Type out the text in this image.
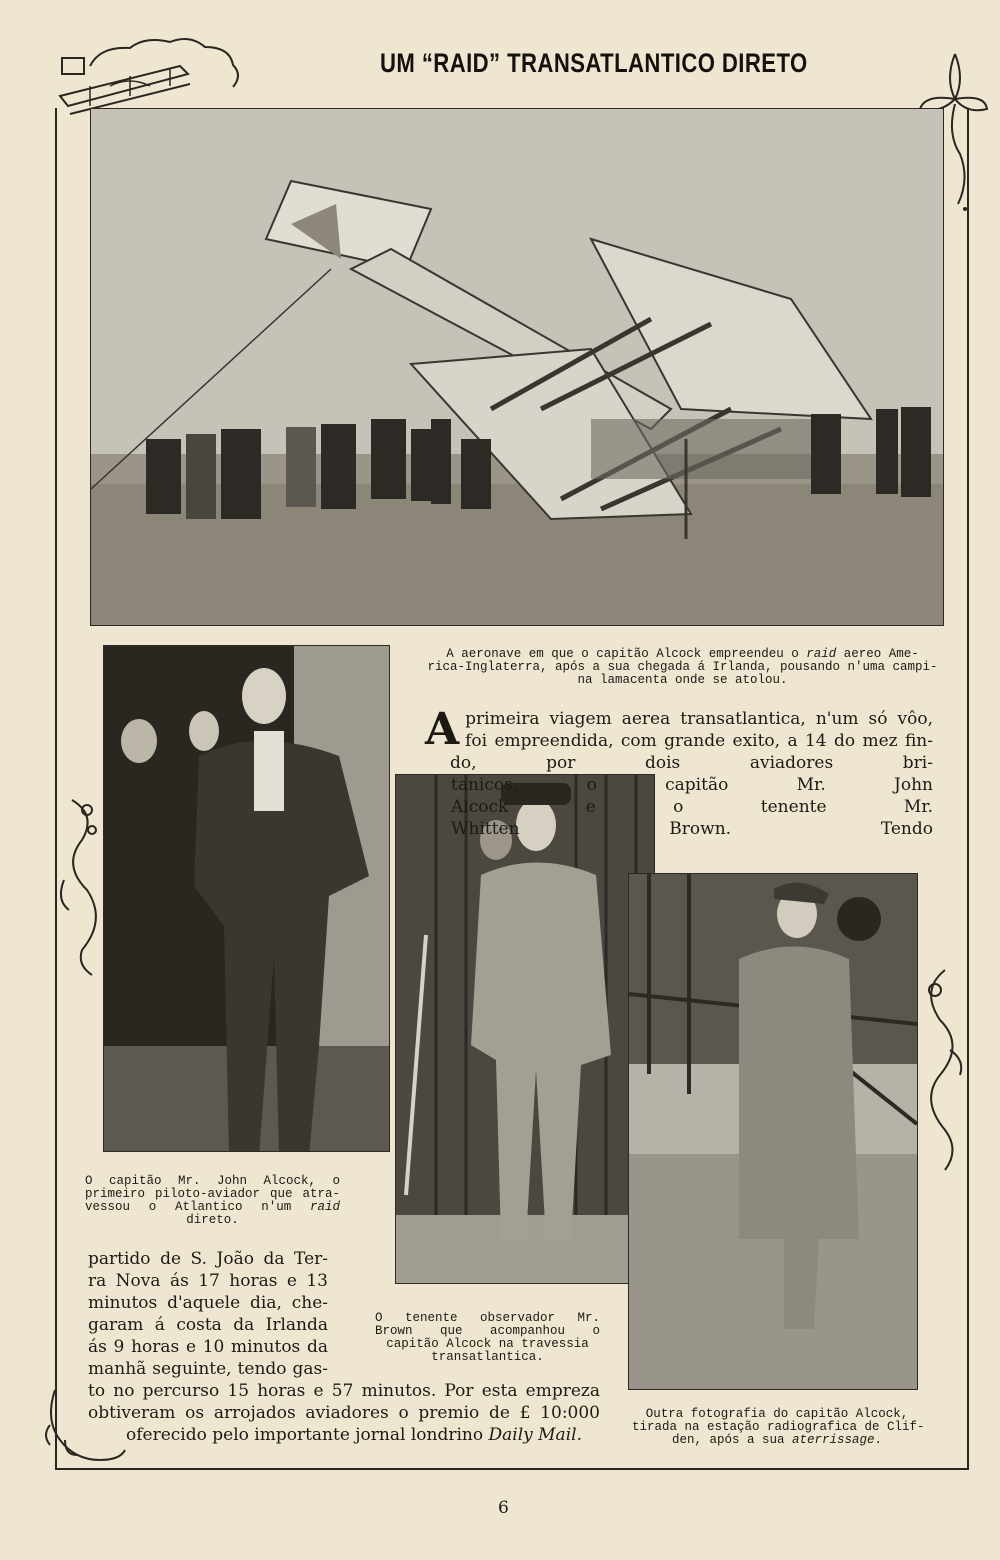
UM “RAID” TRANSATLANTICO DIRETO
A aeronave em que o capitão Alcock empreendeu o raid aereo Ame-
rica-Inglaterra, após a sua chegada á Irlanda, pousando n'uma campi-
na lamacenta onde se atolou.
O capitão Mr. John Alcock, o
primeiro piloto-aviador que atra-
vessou o Atlantico n'um raid
direto.
O tenente observador Mr.
Brown que acompanhou o
capitão Alcock na travessia
transatlantica.
Outra fotografia do capitão Alcock,
tirada na estação radiografica de Clif-
den, após a sua aterrissage.
A primeira viagem aerea transatlantica, n'um só vôo,
foi empreendida, com grande exito, a 14 do mez fin-
do, por dois aviadores bri-
tanicos, o capitão Mr. John
Alcock e o tenente Mr.
Whitten Brown. Tendo
partido de S. João da Ter-
ra Nova ás 17 horas e 13
minutos d'aquele dia, che-
garam á costa da Irlanda
ás 9 horas e 10 minutos da
manhã seguinte, tendo gas-
to no percurso 15 horas e 57 minutos. Por esta empreza
obtiveram os arrojados aviadores o premio de £ 10:000
oferecido pelo importante jornal londrino Daily Mail.
6
